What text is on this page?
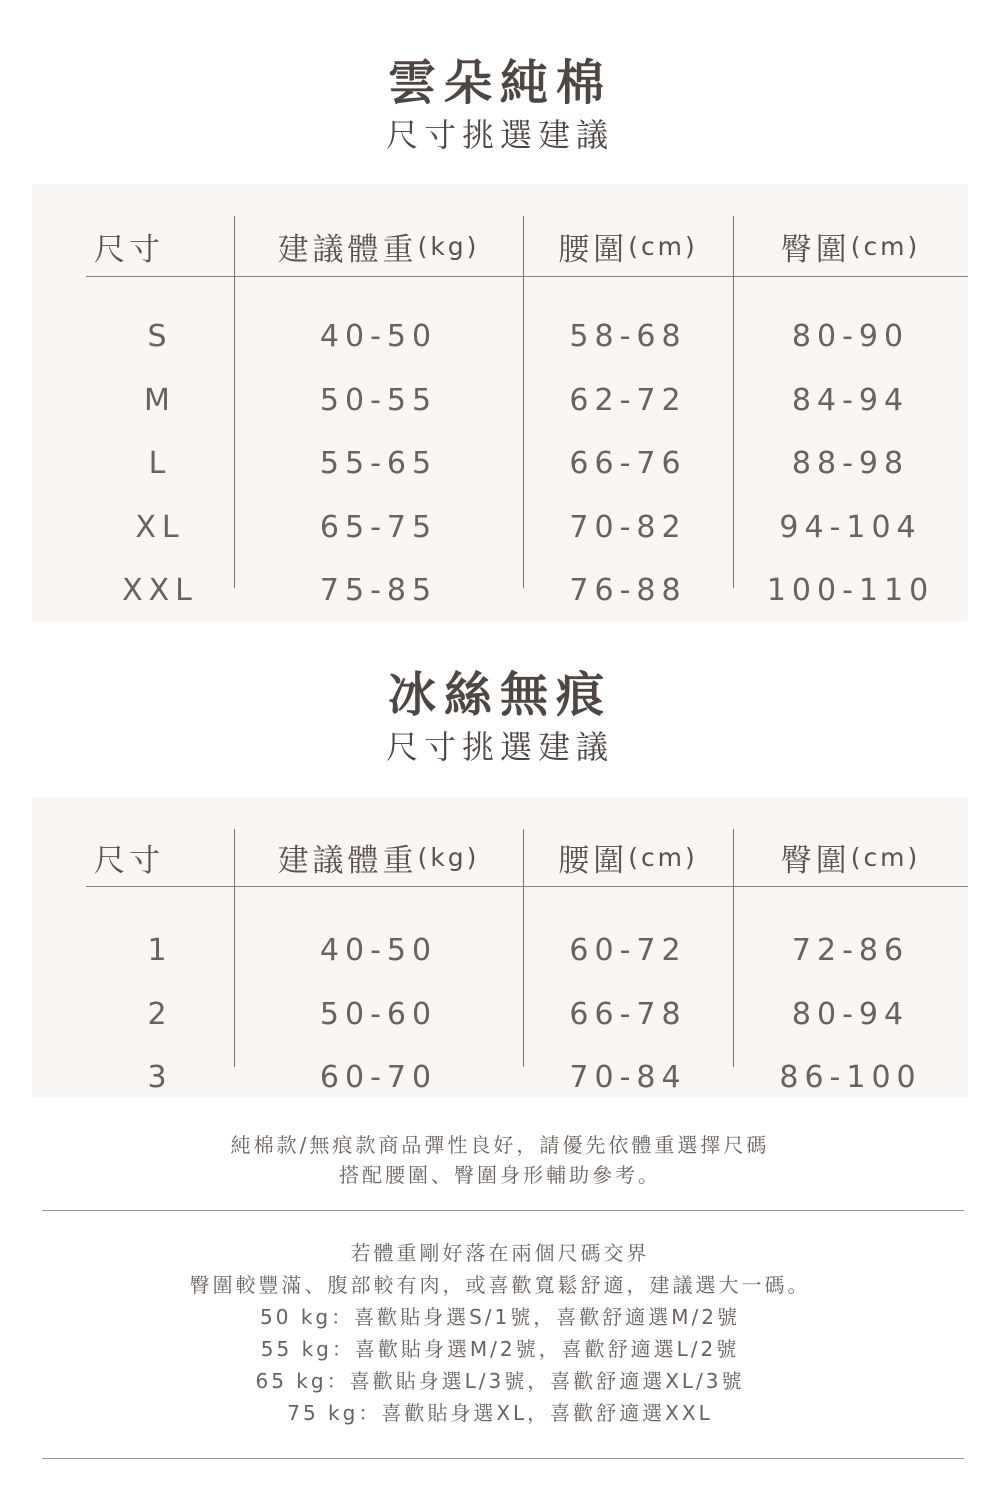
雲朵純棉
尺寸挑選建議
尺寸	建議體重 (kg)	腰圍 (cm)	臀圍 (cm)
S	40-50	58-68	80-90
M	50-55	62-72	84-94
L	55-65	66-76	88-98
XL	65-75	70-82	94-104
XXL	75-85	76-88	100-110
冰絲無痕
尺寸挑選建議
尺寸	建議體重 (kg)	腰圍 (cm)	臀圍 (cm)
1	40-50	60-72	72-86
2	50-60	66-78	80-94
3	60-70	70-84	86-100
純棉款/無痕款商品彈性良好，請優先依體重選擇尺碼
搭配腰圍、臀圍身形輔助參考。
若體重剛好落在兩個尺碼交界
臀圍較豐滿、腹部較有肉，或喜歡寬鬆舒適，建議選大一碼。
50 kg：喜歡貼身選S/1號，喜歡舒適選M/2號
55 kg：喜歡貼身選M/2號，喜歡舒適選L/2號
65 kg：喜歡貼身選L/3號，喜歡舒適選XL/3號
75 kg：喜歡貼身選XL，喜歡舒適選XXL
